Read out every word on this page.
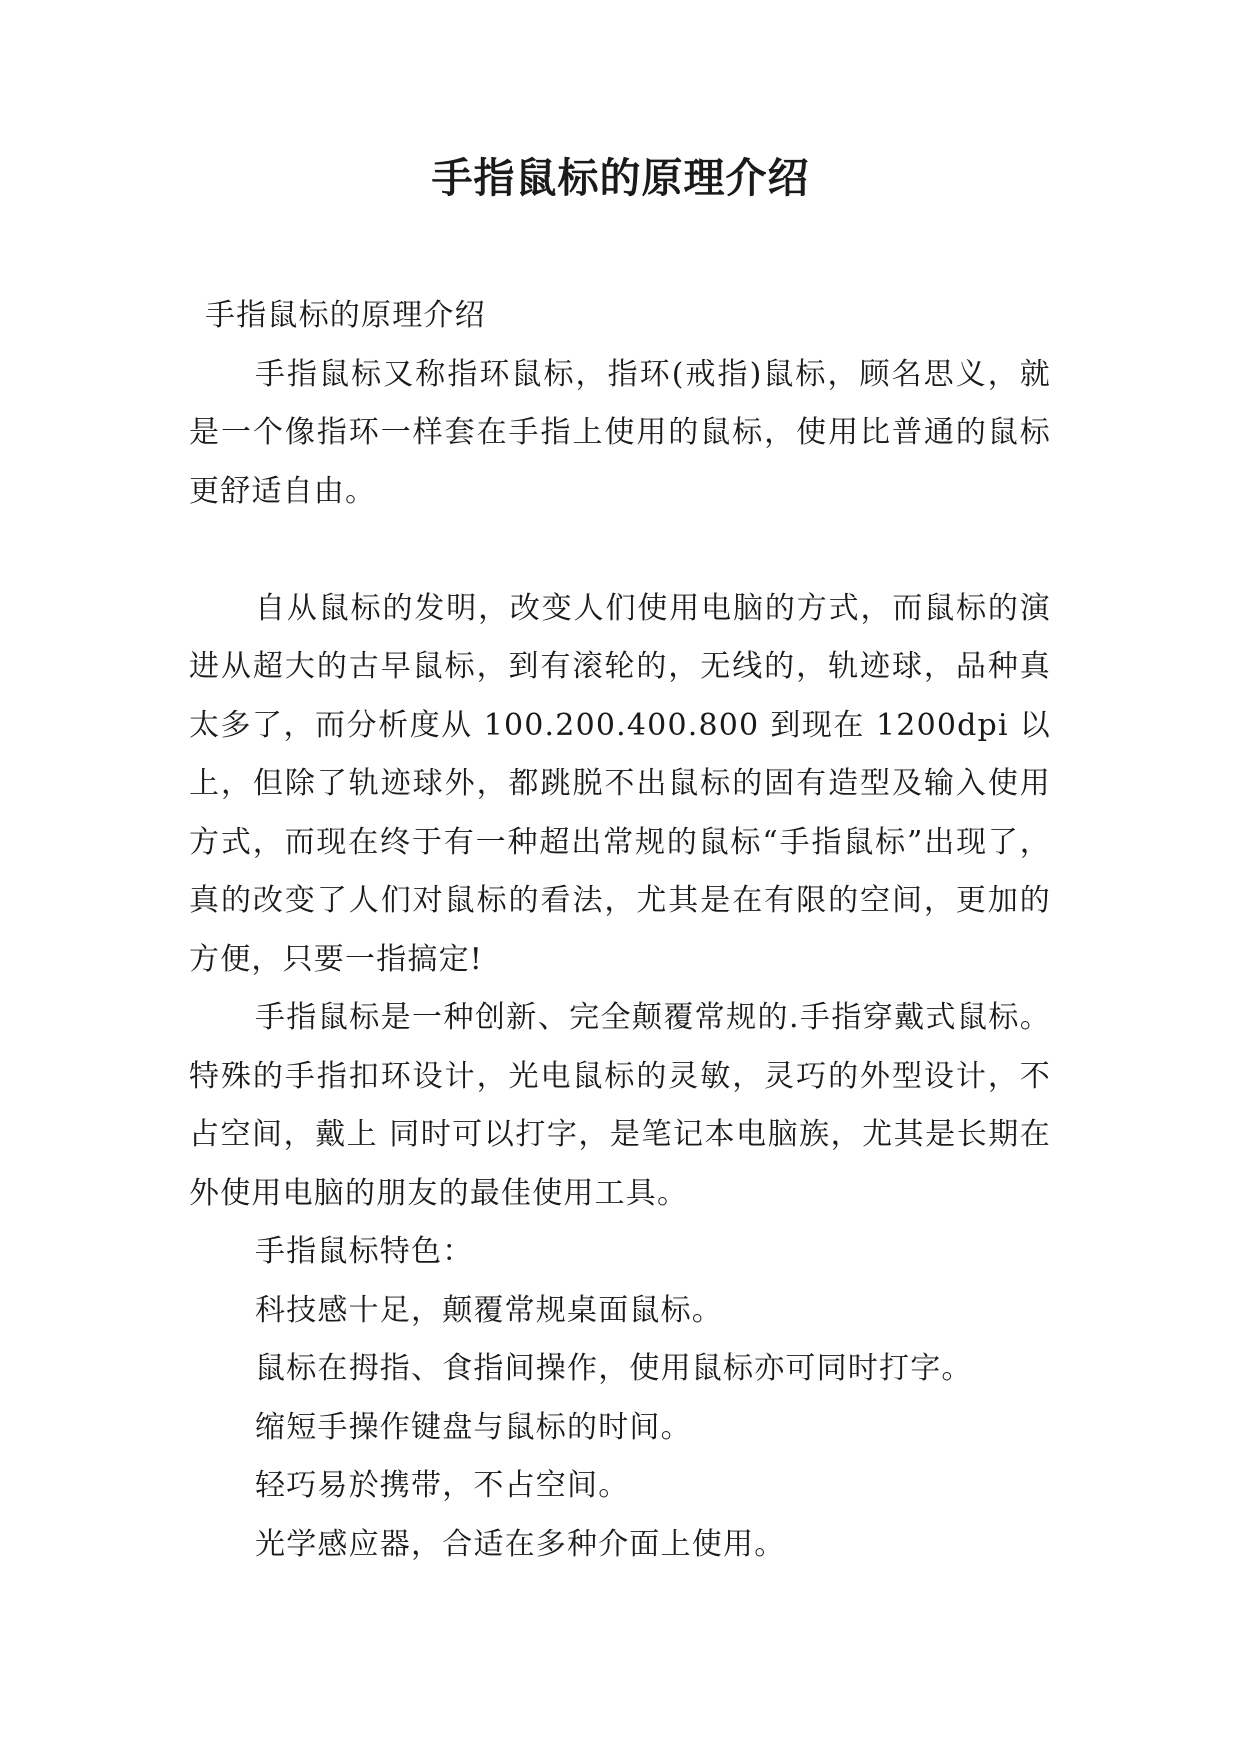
手指鼠标的原理介绍

手指鼠标的原理介绍

手指鼠标又称指环鼠标，指环(戒指)鼠标，顾名思义，就是一个像指环一样套在手指上使用的鼠标，使用比普通的鼠标更舒适自由。

自从鼠标的发明，改变人们使用电脑的方式，而鼠标的演进从超大的古早鼠标，到有滚轮的，无线的，轨迹球，品种真太多了，而分析度从 100.200.400.800 到现在 1200dpi 以上，但除了轨迹球外，都跳脱不出鼠标的固有造型及输入使用方式，而现在终于有一种超出常规的鼠标“手指鼠标”出现了，真的改变了人们对鼠标的看法，尤其是在有限的空间，更加的方便，只要一指搞定!

手指鼠标是一种创新、完全颠覆常规的.手指穿戴式鼠标。特殊的手指扣环设计，光电鼠标的灵敏，灵巧的外型设计，不占空间，戴上 同时可以打字，是笔记本电脑族，尤其是长期在外使用电脑的朋友的最佳使用工具。

手指鼠标特色：

科技感十足，颠覆常规桌面鼠标。

鼠标在拇指、食指间操作，使用鼠标亦可同时打字。

缩短手操作键盘与鼠标的时间。

轻巧易於携带，不占空间。

光学感应器，合适在多种介面上使用。
